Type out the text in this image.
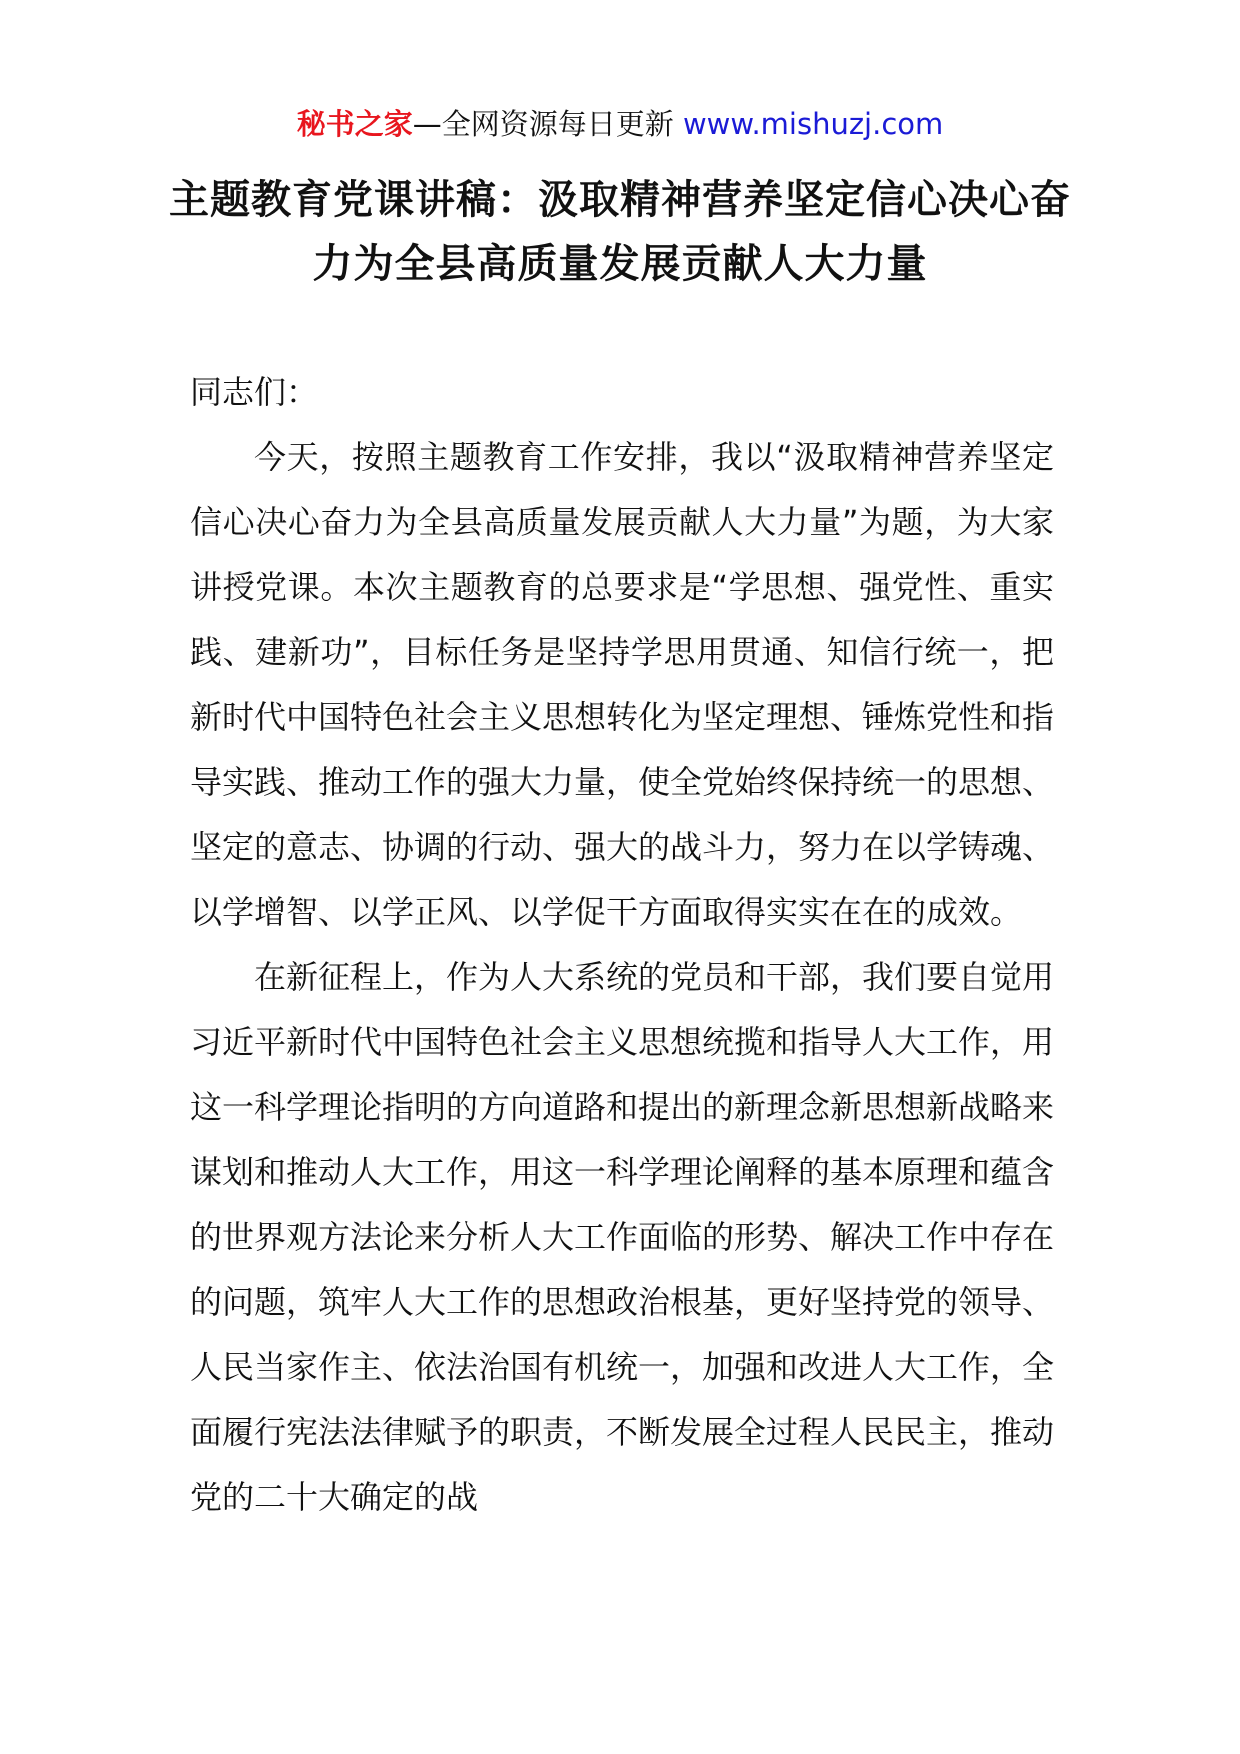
秘书之家—全网资源每日更新 www.mishuzj.com
主题教育党课讲稿：汲取精神营养坚定信心决心奋力为全县高质量发展贡献人大力量

同志们：

今天，按照主题教育工作安排，我以“汲取精神营养坚定信心决心奋力为全县高质量发展贡献人大力量”为题，为大家讲授党课。本次主题教育的总要求是“学思想、强党性、重实践、建新功”，目标任务是坚持学思用贯通、知信行统一，把新时代中国特色社会主义思想转化为坚定理想、锤炼党性和指导实践、推动工作的强大力量，使全党始终保持统一的思想、坚定的意志、协调的行动、强大的战斗力，努力在以学铸魂、以学增智、以学正风、以学促干方面取得实实在在的成效。

在新征程上，作为人大系统的党员和干部，我们要自觉用习近平新时代中国特色社会主义思想统揽和指导人大工作，用这一科学理论指明的方向道路和提出的新理念新思想新战略来谋划和推动人大工作，用这一科学理论阐释的基本原理和蕴含的世界观方法论来分析人大工作面临的形势、解决工作中存在的问题，筑牢人大工作的思想政治根基，更好坚持党的领导、人民当家作主、依法治国有机统一，加强和改进人大工作，全面履行宪法法律赋予的职责，不断发展全过程人民民主，推动党的二十大确定的战
